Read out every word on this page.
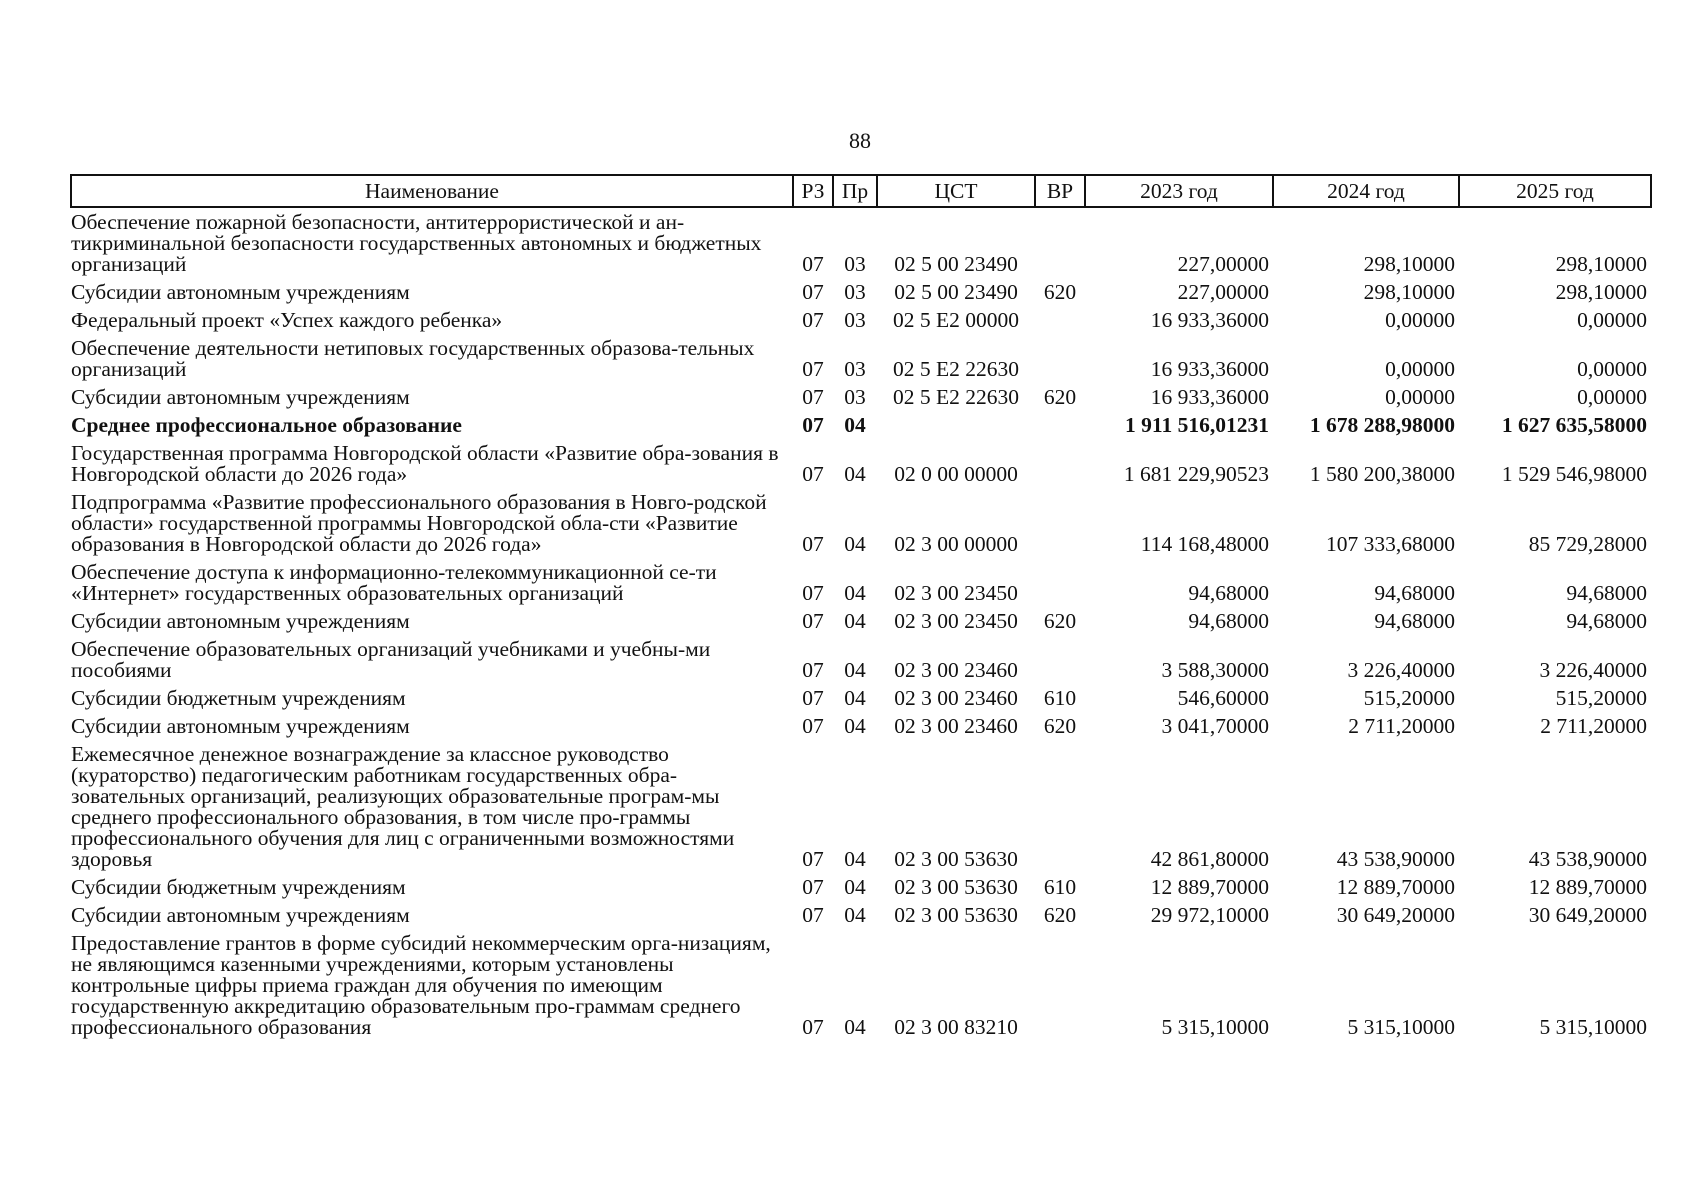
88
Наименование	РЗ	Пр	ЦСТ	ВР	2023 год	2024 год	2025 год
Обеспечение пожарной безопасности, антитеррористической и ан-тикриминальной безопасности государственных автономных и бюджетных организаций	07	03	02 5 00 23490		227,00000	298,10000	298,10000
Субсидии автономным учреждениям	07	03	02 5 00 23490	620	227,00000	298,10000	298,10000
Федеральный проект «Успех каждого ребенка»	07	03	02 5 E2 00000		16 933,36000	0,00000	0,00000
Обеспечение деятельности нетиповых государственных образова-тельных организаций	07	03	02 5 E2 22630		16 933,36000	0,00000	0,00000
Субсидии автономным учреждениям	07	03	02 5 E2 22630	620	16 933,36000	0,00000	0,00000
Среднее профессиональное образование	07	04			1 911 516,01231	1 678 288,98000	1 627 635,58000
Государственная программа Новгородской области «Развитие обра-зования в Новгородской области до 2026 года»	07	04	02 0 00 00000		1 681 229,90523	1 580 200,38000	1 529 546,98000
Подпрограмма «Развитие профессионального образования в Новго-родской области» государственной программы Новгородской обла-сти «Развитие образования в Новгородской области до 2026 года»	07	04	02 3 00 00000		114 168,48000	107 333,68000	85 729,28000
Обеспечение доступа к информационно-телекоммуникационной се-ти «Интернет» государственных образовательных организаций	07	04	02 3 00 23450		94,68000	94,68000	94,68000
Субсидии автономным учреждениям	07	04	02 3 00 23450	620	94,68000	94,68000	94,68000
Обеспечение образовательных организаций учебниками и учебны-ми пособиями	07	04	02 3 00 23460		3 588,30000	3 226,40000	3 226,40000
Субсидии бюджетным учреждениям	07	04	02 3 00 23460	610	546,60000	515,20000	515,20000
Субсидии автономным учреждениям	07	04	02 3 00 23460	620	3 041,70000	2 711,20000	2 711,20000
Ежемесячное денежное вознаграждение за классное руководство (кураторство) педагогическим работникам государственных обра-зовательных организаций, реализующих образовательные програм-мы среднего профессионального образования, в том числе про-граммы профессионального обучения для лиц с ограниченными возможностями здоровья	07	04	02 3 00 53630		42 861,80000	43 538,90000	43 538,90000
Субсидии бюджетным учреждениям	07	04	02 3 00 53630	610	12 889,70000	12 889,70000	12 889,70000
Субсидии автономным учреждениям	07	04	02 3 00 53630	620	29 972,10000	30 649,20000	30 649,20000
Предоставление грантов в форме субсидий некоммерческим орга-низациям, не являющимся казенными учреждениями, которым установлены контрольные цифры приема граждан для обучения по имеющим государственную аккредитацию образовательным про-граммам среднего профессионального образования	07	04	02 3 00 83210		5 315,10000	5 315,10000	5 315,10000
